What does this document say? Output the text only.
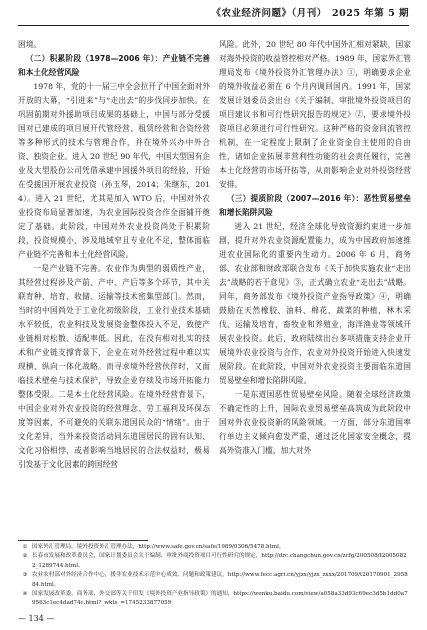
《农业经济问题》（月刊）　2025 年第 5 期

困境。

（二）积累阶段（1978—2006 年）：产业链不完善和本土化经营风险

1978 年，党的十一届三中全会拉开了中国全面对外开放的大幕，“引进来”与“走出去”的步伐同步加快。在巩固前期对外援助项目成果的基础上，中国与部分受援国对已建成的项目展开代管经营、租赁经营和合资经营等多种形式的技术与管理合作，并在境外兴办中外合资、独资企业。进入 20 世纪 90 年代，中国大型国有企业及大型股份公司凭借承建中国援外项目的经验，开始在受援国开展农业投资（孙玉琴，2014；朱继东，2014）。进入 21 世纪，尤其是加入 WTO 后，中国对外农业投资布局显著加速，为农业国际投资合作全面铺开奠定了基础。此阶段，中国对外农业投资尚处于积累阶段，投资规模小、涉及地域窄且专业化不足，整体面临产业链不完善和本土化经营风险。

一是产业链不完善。农业作为典型的弱质性产业，其经营过程涉及产前、产中、产后等多个环节，其中关联育种、培育、收储、运输等技术密集型部门。然而，当时的中国尚处于工业化初级阶段，工业行业技术基础水平较低，农业科技及发展资金整体投入不足，致使产业链相对松散、适配率低。因此，在没有相对扎实的技术和产业链支撑背景下，企业在对外经营过程中难以实现横、纵向一体化战略。而寻求境外经营伙伴时，又面临技术壁垒与技术保护，导致企业存续及市场开拓能力整体受限。二是本土化经营风险。在境外经营背景下，中国企业对外农业投资的经营理念、劳工福利及环保态度等因素，不可避免的关联东道国民众的“情绪”。由于文化差异，当外来投资活动同东道国居民的固有认知、文化习俗相悖，或者影响当地居民的合法权益时，极易引发基于文化因素的跨国经营

风险。此外，20 世纪 80 年代中国外汇相对紧缺，国家对海外投资的收益管控相对严格。1989 年，国家外汇管理局发布《境外投资外汇管理办法》①，明确要求企业的境外收益必须在 6 个月内调回国内。1991 年，国家发展计划委员会出台《关于编制、审批境外投资项目的项目建议书和可行性研究报告的规定》②，要求境外投资项目必须进行可行性研究。这种严格的资金回流管控机制，在一定程度上限制了企业资金自主使用的自由性，诸如企业拓展非营利性功能的社会责任履行，完善本土化经营的市场开拓等，从而影响企业对外投资经营安排。

（三）提质阶段（2007—2016 年）：恶性贸易壁垒和增长陷阱风险

进入 21 世纪，经济全球化导致资源约束进一步加剧，提升对外农业资源配置能力，成为中国政府加速推进农业国际化的重要内生动力。2006 年 6 月，商务部、农业部和财政部联合发布《关于加快实施农业“走出去”战略的若干意见》③，正式确立农业“走出去”战略。同年，商务部发布《境外投资产业指导政策》④，明确鼓励在天然橡胶、油料、棉花、蔬菜的种植，林木采伐、运输及培育，畜牧业和养殖业，海洋渔业等领域开展农业投资。此后，政府陆续出台多项措施支持企业开展境外农业投资与合作，农业对外投资开始进入快速发展阶段。在此阶段，中国对外农业投资主要面临东道国贸易壁垒和增长陷阱风险。

一是东道国恶性贸易壁垒风险。随着全球经济政策不确定性的上升，国际农业贸易壁垒高筑成为此阶段中国对外农业投资新的风险领域。一方面，部分东道国率行单边主义倾向愈发严重，通过泛化国家安全概念，提高外资准入门槛，加大对外

① 国家外汇管理局，境外投资外汇管理办法，http://www.safe.gov.cn/safe/1989/0306/5478.html。
② 长春市发展和改革委员会，国家计划委员会关于编制、审批外商投资项目可行性研究的规定，http://drc.changchun.gov.cn/zcfg/200508/t20050822_1289744.html。
③ 农业农村部对外经济合作中心，援非农业技术示范中心成效、问题和政策建议，http://www.fecc.agri.cn/yjzx/yjzx_zxxx/201709/t20170901_295884.html。
④ 国家发展改革委、商务部，外交部等关于印发《境外投资产业指导政策》的通知，https://wenku.baidu.com/view/a058a33d93c69ec3d5b1dd0a79563c1ec4dad74c.html?_wkts_=1745233877059
— 134 —
